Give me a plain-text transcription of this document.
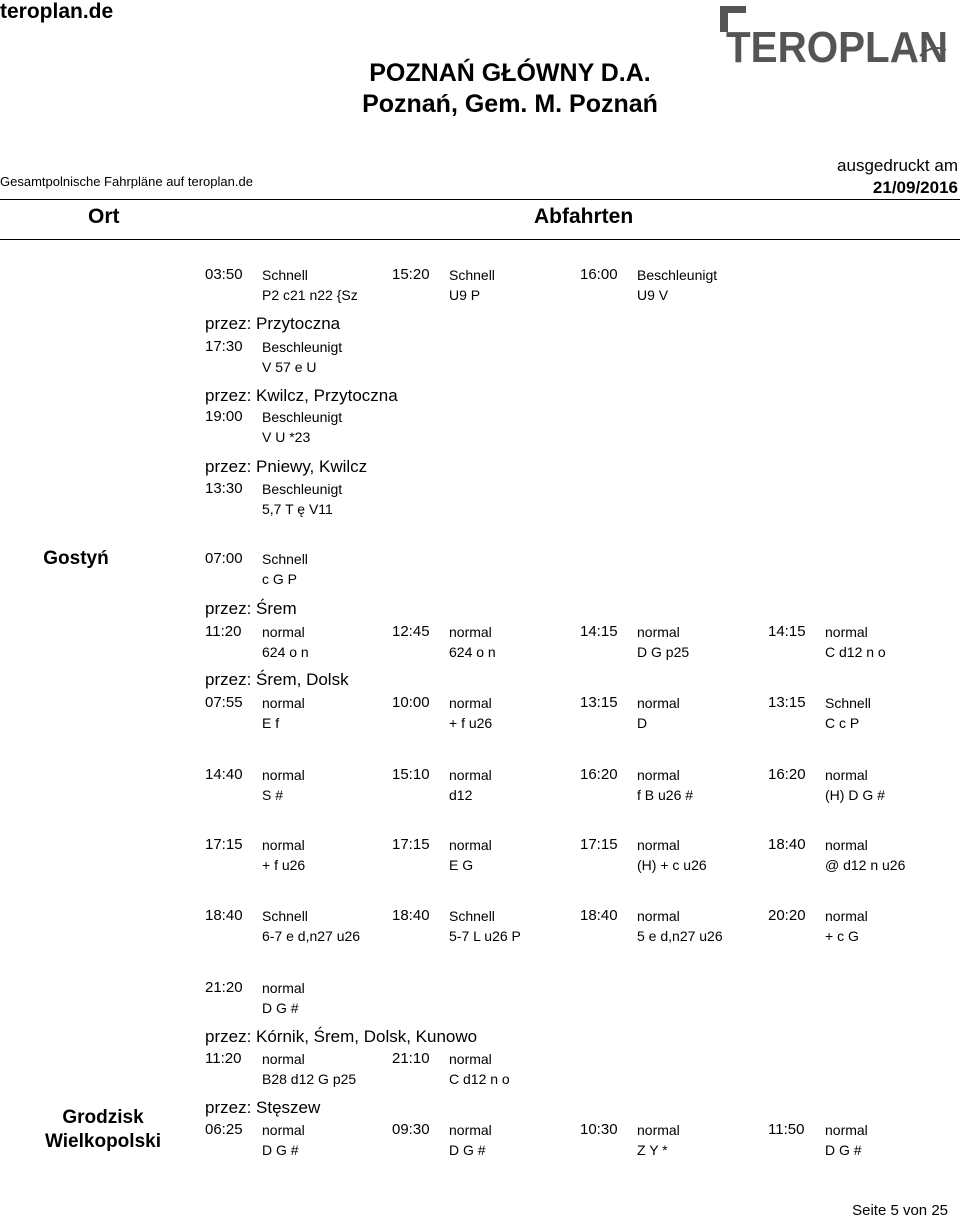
teroplan.de
POZNAŃ GŁÓWNY D.A.
Poznań, Gem. M. Poznań
TEROPLAN
Gesamtpolnische Fahrpläne auf teroplan.de
ausgedruckt am
21/09/2016
Ort	Abfahrten
przez: Przytoczna
przez: Kwilcz, Przytoczna
przez: Pniewy, Kwilcz
przez: Śrem
przez: Śrem, Dolsk
przez: Kórnik, Śrem, Dolsk, Kunowo
przez: Stęszew
Gostyń
Grodzisk
Wielkopolski
03:50 Schnell
P2 c21 n22 {Sz
15:20 Schnell
U9 P
16:00 Beschleunigt
U9 V
17:30 Beschleunigt
V 57 e U
19:00 Beschleunigt
V U *23
13:30 Beschleunigt
5,7 T ę V11
07:00 Schnell
c G P
11:20 normal
624 o n
12:45 normal
624 o n
14:15 normal
D G p25
14:15 normal
C d12 n o
07:55 normal
E f
10:00 normal
+ f u26
13:15 normal
D
13:15 Schnell
C c P
14:40 normal
S #
15:10 normal
d12
16:20 normal
f B u26 #
16:20 normal
(H) D G #
17:15 normal
+ f u26
17:15 normal
E G
17:15 normal
(H) + c u26
18:40 normal
@ d12 n u26
18:40 Schnell
6-7 e d,n27 u26
18:40 Schnell
5-7 L u26 P
18:40 normal
5 e d,n27 u26
20:20 normal
+ c G
21:20 normal
D G #
11:20 normal
B28 d12 G p25
21:10 normal
C d12 n o
06:25 normal
D G #
09:30 normal
D G #
10:30 normal
Z Y *
11:50 normal
D G #
Seite 5 von 25
